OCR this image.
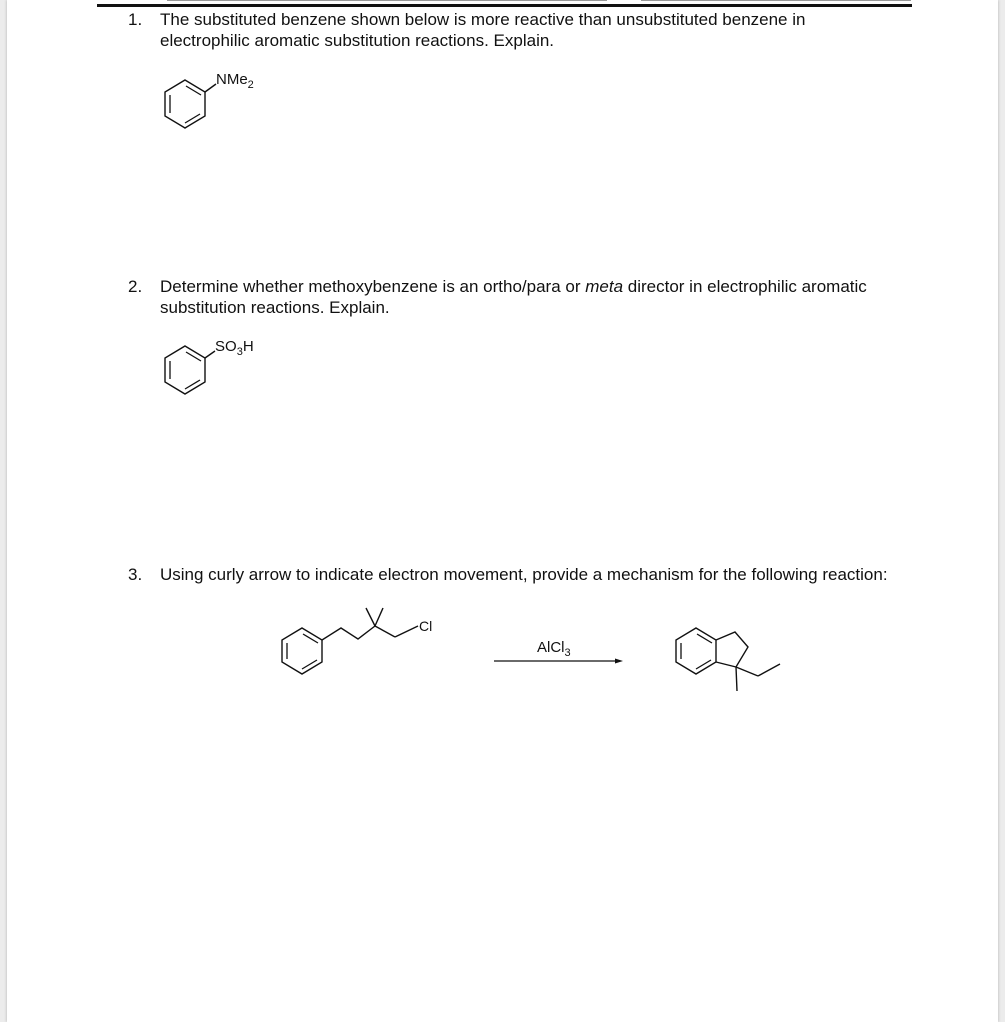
1. The substituted benzene shown below is more reactive than unsubstituted benzene in electrophilic aromatic substitution reactions. Explain.
NMe$_2$
2. Determine whether methoxybenzene is an ortho/para or meta director in electrophilic aromatic substitution reactions. Explain.
$SO_3H$
3. Using curly arrow to indicate electron movement, provide a mechanism for the following reaction:
Cl
AlCl$_3$
